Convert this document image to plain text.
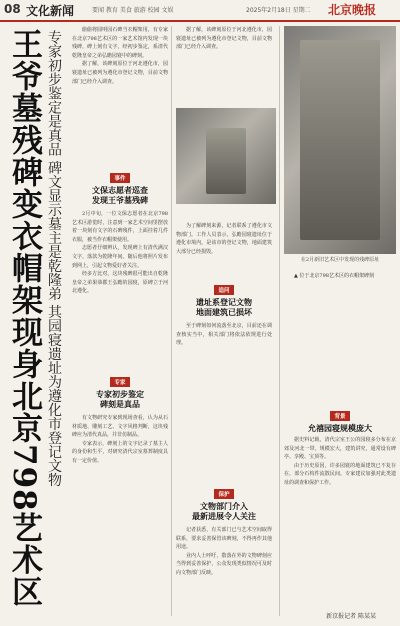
08 文化新闻	要闻 教育 美食 旅游 校园 文娱	2025年2月18日 星期二 北京晚报
王爷墓残碑变衣帽架现身北京798艺术区 专家初步鉴定是真品 碑文显示墓主是乾隆弟 其园寝遗址为遵化市登记文物	偷偷将圆明园石碑当衣帽架用，有专家在北京798艺术区的一家艺术馆内发现一块残碑，碑上刻有文字，经初步鉴定，系清代乾隆皇帝之弟弘瞻园寝中的碑刻。

据了解，该碑刻原位于河北遵化市，园寝遗址已被列为遵化市登记文物，目前文物部门已经介入调查。

事件
文保志愿者巡查
发现王爷墓残碑

2月中旬，一位文保志愿者在北京798艺术区游览时，注意到一家艺术空间里摆放着一块刻有文字的石碑残件，上面挂着几件衣服，被当作衣帽架使用。

志愿者仔细辨认，发现碑上有清代满汉文字，落款为乾隆年间。随后他将照片发布到网上，引起文物爱好者关注。

经多方比对，这块残碑很可能出自乾隆皇帝之弟果恭郡王弘瞻的园寝，原碑立于河北遵化。

专家
专家初步鉴定
碑刻是真品

有文物研究专家到现场查看，认为从石材质地、雕刻工艺、文字风格判断，这块残碑应为清代真品，并非仿制品。

专家表示，碑刻上的文字记录了墓主人的身份和生平，对研究清代宗室墓葬制度具有一定价值。

据了解，该碑刻原位于河北遵化市，园寝遗址已被列为遵化市登记文物，目前文物部门已经介入调查。

为了解碑刻来源，记者联系了遵化市文物部门。工作人员表示，弘瞻园寝遗址位于遵化市境内，是该市的登记文物，地面建筑大部分已经损毁。

追问
遗址系登记文物
地面建筑已损坏

至于碑刻如何流落至北京，目前还在调查核实当中，相关部门将依法依规进行处理。

保护
文物部门介入
最新进展令人关注

记者获悉，有关部门已与艺术空间取得联系，要求妥善保管该碑刻，不得再作其他用途。

业内人士呼吁，散落在外的文物碑刻应当得到妥善保护，公众发现类似情况可及时向文物部门反映。

在2月新旧艺术区中发现的残碑原址

▲ 位于北京798艺术区的衣帽架碑刻

背景
允禧园寝规模庞大

据史料记载，清代宗室王公的园寝多分布在京郊及河北一带，规模宏大，建筑讲究，通常设有碑亭、享殿、宝顶等。

由于历史原因，许多园寝的地面建筑已不复存在，部分石构件流散民间。专家建议加强对此类遗址的调查和保护工作。

新京报记者 陈某某
